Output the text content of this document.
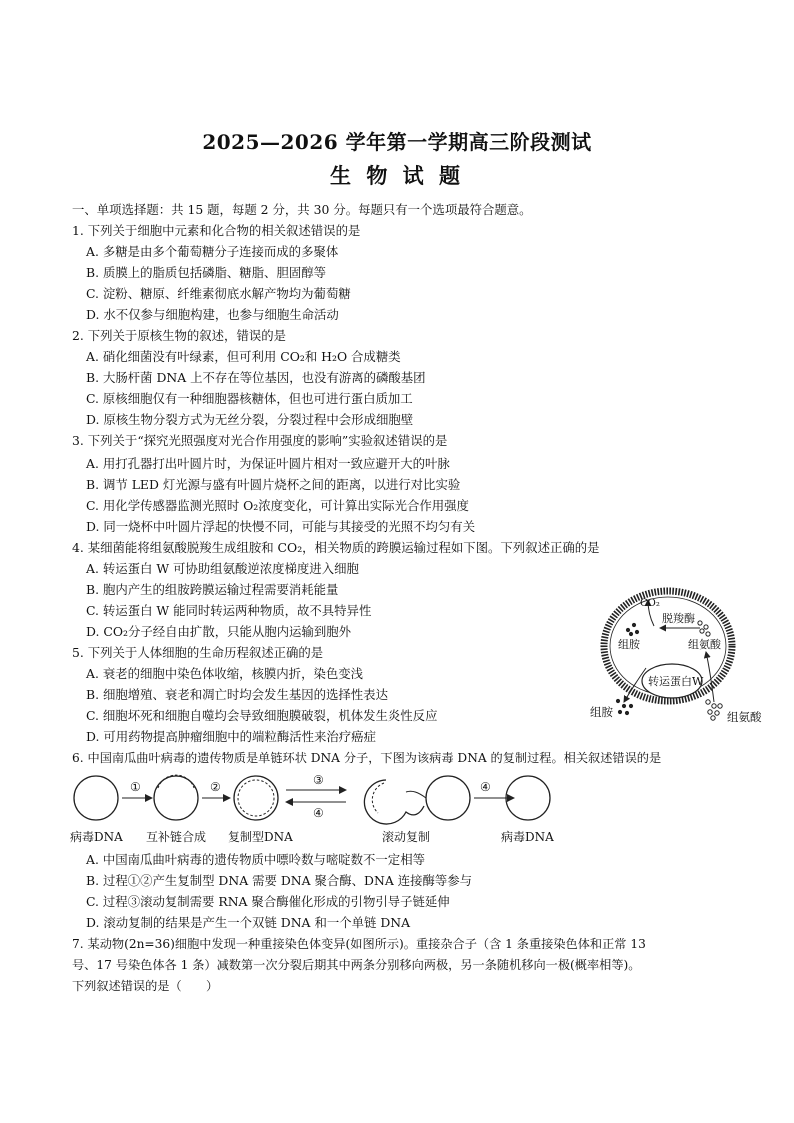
2025—2026 学年第一学期高三阶段测试
生 物 试 题
一、单项选择题：共 15 题，每题 2 分，共 30 分。每题只有一个选项最符合题意。
1. 下列关于细胞中元素和化合物的相关叙述错误的是
A. 多糖是由多个葡萄糖分子连接而成的多聚体
B. 质膜上的脂质包括磷脂、糖脂、胆固醇等
C. 淀粉、糖原、纤维素彻底水解产物均为葡萄糖
D. 水不仅参与细胞构建，也参与细胞生命活动
2. 下列关于原核生物的叙述，错误的是
A. 硝化细菌没有叶绿素，但可利用 CO₂和 H₂O 合成糖类
B. 大肠杆菌 DNA 上不存在等位基因，也没有游离的磷酸基团
C. 原核细胞仅有一种细胞器核糖体，但也可进行蛋白质加工
D. 原核生物分裂方式为无丝分裂，分裂过程中会形成细胞壁
3. 下列关于“探究光照强度对光合作用强度的影响”实验叙述错误的是
A. 用打孔器打出叶圆片时，为保证叶圆片相对一致应避开大的叶脉
B. 调节 LED 灯光源与盛有叶圆片烧杯之间的距离，以进行对比实验
C. 用化学传感器监测光照时 O₂浓度变化，可计算出实际光合作用强度
D. 同一烧杯中叶圆片浮起的快慢不同，可能与其接受的光照不均匀有关
4. 某细菌能将组氨酸脱羧生成组胺和 CO₂，相关物质的跨膜运输过程如下图。下列叙述正确的是
A. 转运蛋白 W 可协助组氨酸逆浓度梯度进入细胞
B. 胞内产生的组胺跨膜运输过程需要消耗能量
C. 转运蛋白 W 能同时转运两种物质，故不具特异性
D. CO₂分子经自由扩散，只能从胞内运输到胞外
CO₂
脱羧酶
组胺	组氨酸
转运蛋白W
组胺	组氨酸
5. 下列关于人体细胞的生命历程叙述正确的是
A. 衰老的细胞中染色体收缩，核膜内折，染色变浅
B. 细胞增殖、衰老和凋亡时均会发生基因的选择性表达
C. 细胞坏死和细胞自噬均会导致细胞膜破裂，机体发生炎性反应
D. 可用药物提高肿瘤细胞中的端粒酶活性来治疗癌症
6. 中国南瓜曲叶病毒的遗传物质是单链环状 DNA 分子，下图为该病毒 DNA 的复制过程。相关叙述错误的是
①	②	③
④
④
病毒DNA 互补链合成 复制型DNA	滚动复制	病毒DNA
A. 中国南瓜曲叶病毒的遗传物质中嘌呤数与嘧啶数不一定相等
B. 过程①②产生复制型 DNA 需要 DNA 聚合酶、DNA 连接酶等参与
C. 过程③滚动复制需要 RNA 聚合酶催化形成的引物引导子链延伸
D. 滚动复制的结果是产生一个双链 DNA 和一个单链 DNA
7. 某动物(2n=36)细胞中发现一种重接染色体变异(如图所示)。重接杂合子（含 1 条重接染色体和正常 13
号、17 号染色体各 1 条）减数第一次分裂后期其中两条分别移向两极，另一条随机移向一极(概率相等)。
下列叙述错误的是（　　）
